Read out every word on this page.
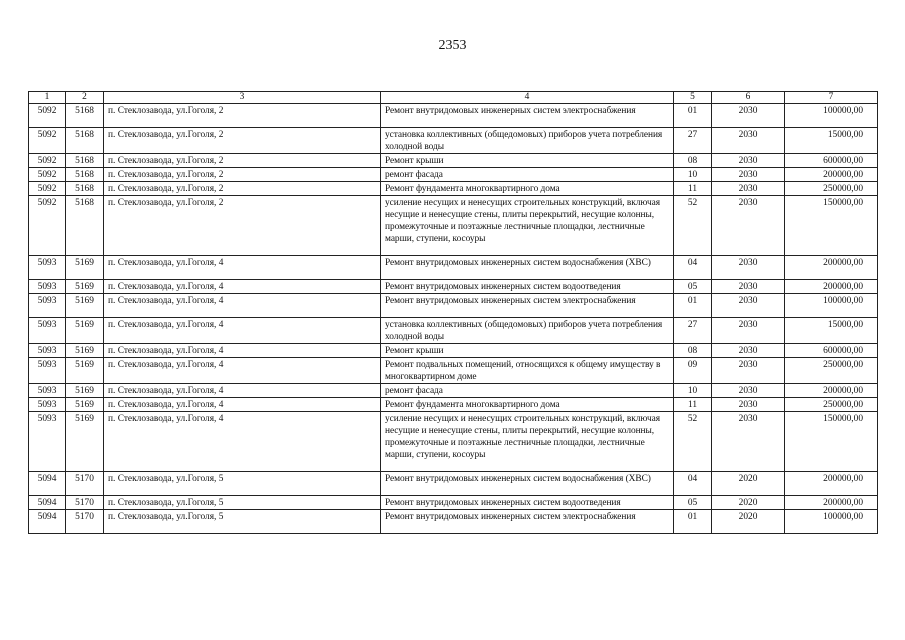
2353
1	2	3	4	5	6	7
5092	5168	п. Стеклозавода, ул.Гоголя, 2	Ремонт внутридомовых инженерных систем электроснабжения	01	2030	100000,00
5092	5168	п. Стеклозавода, ул.Гоголя, 2	установка коллективных (общедомовых) приборов учета потребления холодной воды	27	2030	15000,00
5092	5168	п. Стеклозавода, ул.Гоголя, 2	Ремонт крыши	08	2030	600000,00
5092	5168	п. Стеклозавода, ул.Гоголя, 2	ремонт фасада	10	2030	200000,00
5092	5168	п. Стеклозавода, ул.Гоголя, 2	Ремонт фундамента многоквартирного дома	11	2030	250000,00
5092	5168	п. Стеклозавода, ул.Гоголя, 2	усиление несущих и ненесущих строительных конструкций, включая несущие и ненесущие стены, плиты перекрытий, несущие колонны, промежуточные и поэтажные лестничные площадки, лестничные марши, ступени, косоуры	52	2030	150000,00
5093	5169	п. Стеклозавода, ул.Гоголя, 4	Ремонт внутридомовых инженерных систем водоснабжения (ХВС)	04	2030	200000,00
5093	5169	п. Стеклозавода, ул.Гоголя, 4	Ремонт внутридомовых инженерных систем водоотведения	05	2030	200000,00
5093	5169	п. Стеклозавода, ул.Гоголя, 4	Ремонт внутридомовых инженерных систем электроснабжения	01	2030	100000,00
5093	5169	п. Стеклозавода, ул.Гоголя, 4	установка коллективных (общедомовых) приборов учета потребления холодной воды	27	2030	15000,00
5093	5169	п. Стеклозавода, ул.Гоголя, 4	Ремонт крыши	08	2030	600000,00
5093	5169	п. Стеклозавода, ул.Гоголя, 4	Ремонт подвальных помещений, относящихся к общему имуществу в многоквартирном доме	09	2030	250000,00
5093	5169	п. Стеклозавода, ул.Гоголя, 4	ремонт фасада	10	2030	200000,00
5093	5169	п. Стеклозавода, ул.Гоголя, 4	Ремонт фундамента многоквартирного дома	11	2030	250000,00
5093	5169	п. Стеклозавода, ул.Гоголя, 4	усиление несущих и ненесущих строительных конструкций, включая несущие и ненесущие стены, плиты перекрытий, несущие колонны, промежуточные и поэтажные лестничные площадки, лестничные марши, ступени, косоуры	52	2030	150000,00
5094	5170	п. Стеклозавода, ул.Гоголя, 5	Ремонт внутридомовых инженерных систем водоснабжения (ХВС)	04	2020	200000,00
5094	5170	п. Стеклозавода, ул.Гоголя, 5	Ремонт внутридомовых инженерных систем водоотведения	05	2020	200000,00
5094	5170	п. Стеклозавода, ул.Гоголя, 5	Ремонт внутридомовых инженерных систем электроснабжения	01	2020	100000,00
